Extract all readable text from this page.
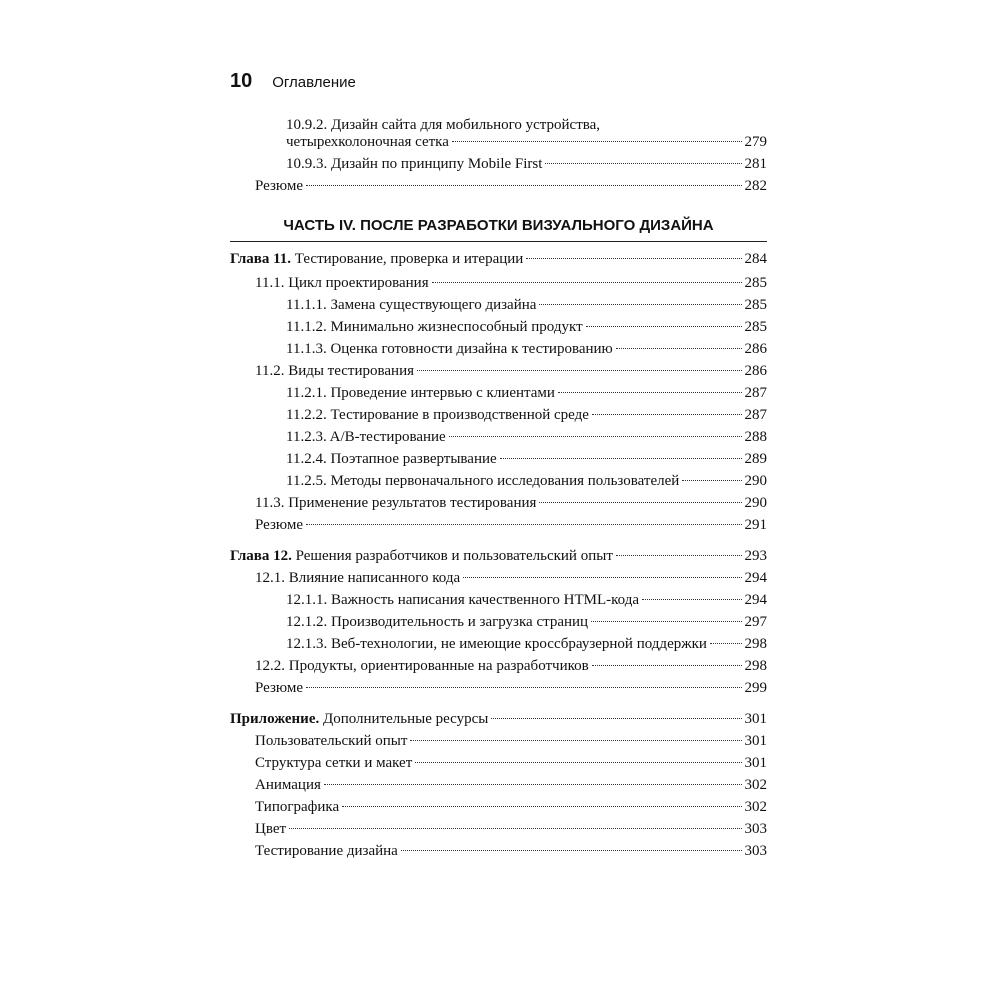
10 Оглавление
10.9.2. Дизайн сайта для мобильного устройства,
четырехколоночная сетка	279
10.9.3. Дизайн по принципу Mobile First	281
Резюме	282
ЧАСТЬ IV. ПОСЛЕ РАЗРАБОТКИ ВИЗУАЛЬНОГО ДИЗАЙНА
Глава 11. Тестирование, проверка и итерации	284
11.1. Цикл проектирования	285
11.1.1. Замена существующего дизайна	285
11.1.2. Минимально жизнеспособный продукт	285
11.1.3. Оценка готовности дизайна к тестированию	286
11.2. Виды тестирования	286
11.2.1. Проведение интервью с клиентами	287
11.2.2. Тестирование в производственной среде	287
11.2.3. A/B-тестирование	288
11.2.4. Поэтапное развертывание	289
11.2.5. Методы первоначального исследования пользователей	290
11.3. Применение результатов тестирования	290
Резюме	291
Глава 12. Решения разработчиков и пользовательский опыт	293
12.1. Влияние написанного кода	294
12.1.1. Важность написания качественного HTML-кода	294
12.1.2. Производительность и загрузка страниц	297
12.1.3. Веб-технологии, не имеющие кроссбраузерной поддержки	298
12.2. Продукты, ориентированные на разработчиков	298
Резюме	299
Приложение. Дополнительные ресурсы	301
Пользовательский опыт	301
Структура сетки и макет	301
Анимация	302
Типографика	302
Цвет	303
Тестирование дизайна	303
